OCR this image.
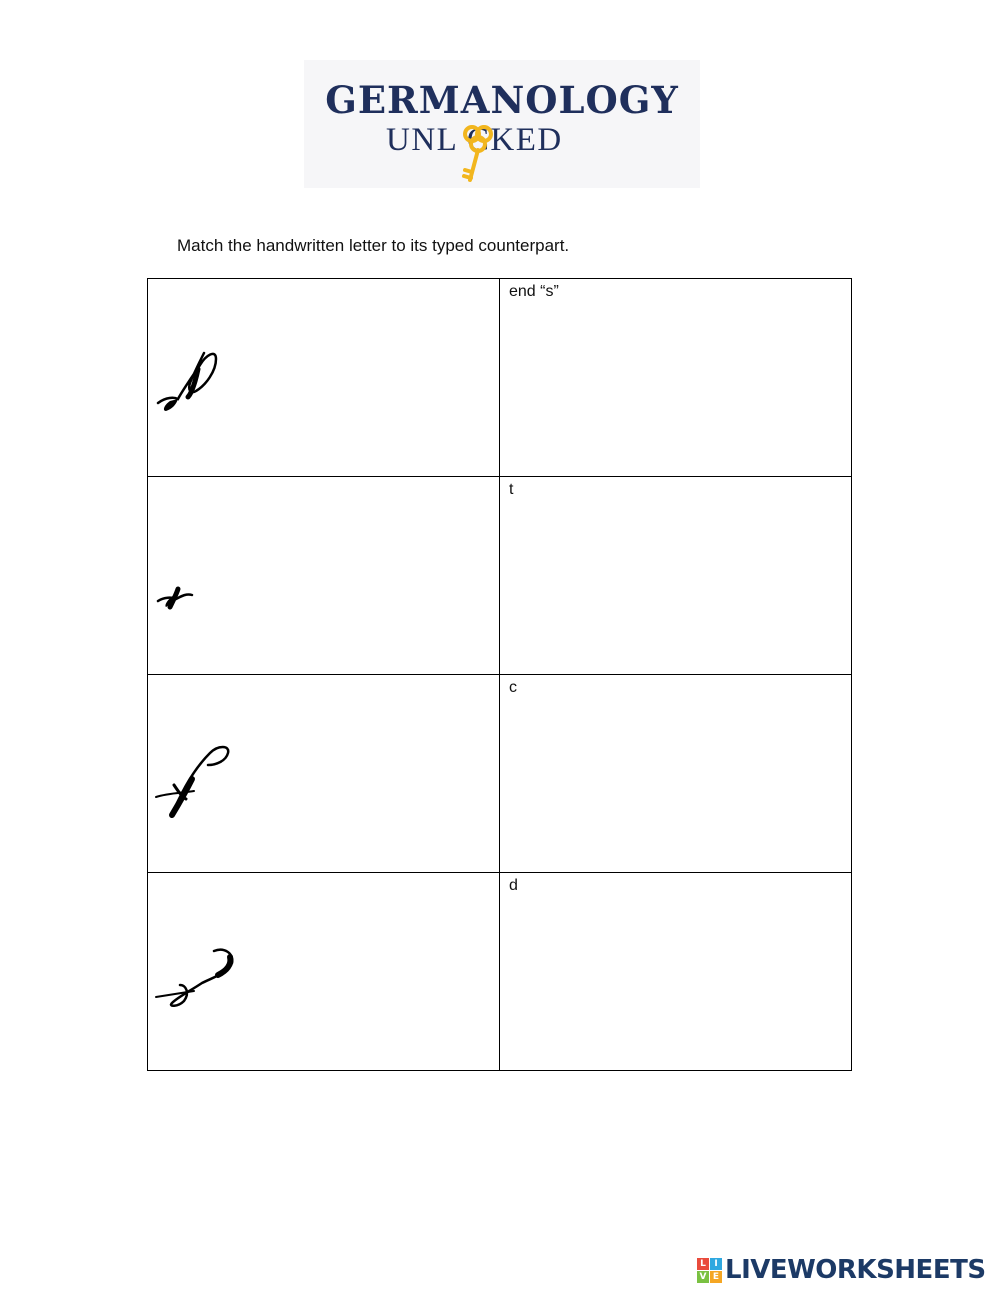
GERMANOLOGY
UNL CKED
Match the handwritten letter to its typed counterpart.

end “s”

t

c

d
L I
V E LIVEWORKSHEETS
